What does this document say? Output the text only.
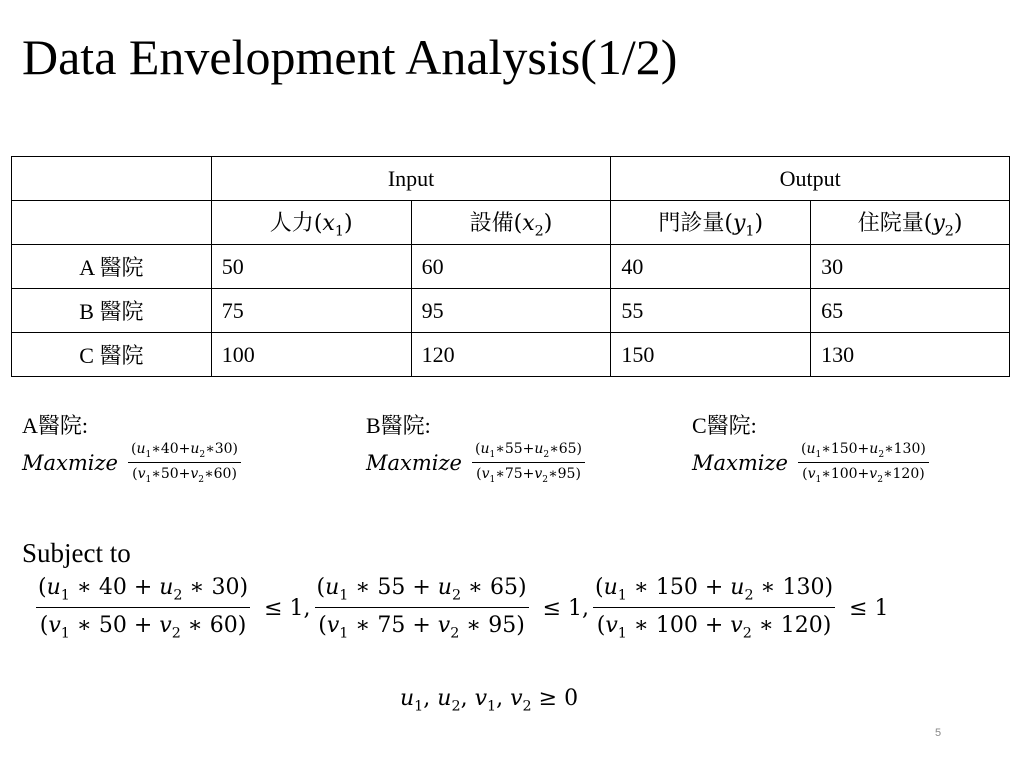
Data Envelopment Analysis(1/2)
	Input		Output	
	人力$(x_1)$	設備$(x_2)$	門診量$(y_1)$	住院量$(y_2)$
A 醫院	50	60	40	30
B 醫院	75	95	55	65
C 醫院	100	120	150	130
A醫院:
Maxmize $\frac{(u_1∗40+u_2∗30)}{(v_1∗50+v_2∗60)}$
B醫院:
Maxmize $\frac{(u_1∗55+u_2∗65)}{(v_1∗75+v_2∗95)}$
C醫院:
Maxmize $\frac{(u_1∗150+u_2∗130)}{(v_1∗100+v_2∗120)}$
Subject to
$\frac{(u_1 ∗ 40 + u_2 ∗ 30)}{(v_1 ∗ 50 + v_2 ∗ 60)} \le 1$, $\frac{(u_1 ∗ 55 + u_2 ∗ 65)}{(v_1 ∗ 75 + v_2 ∗ 95)} \le 1$, $\frac{(u_1 ∗ 150 + u_2 ∗ 130)}{(v_1 ∗ 100 + v_2 ∗ 120)} \le 1$
$u_1$, $u_2$, $v_1$, $v_2 \ge 0$
5
